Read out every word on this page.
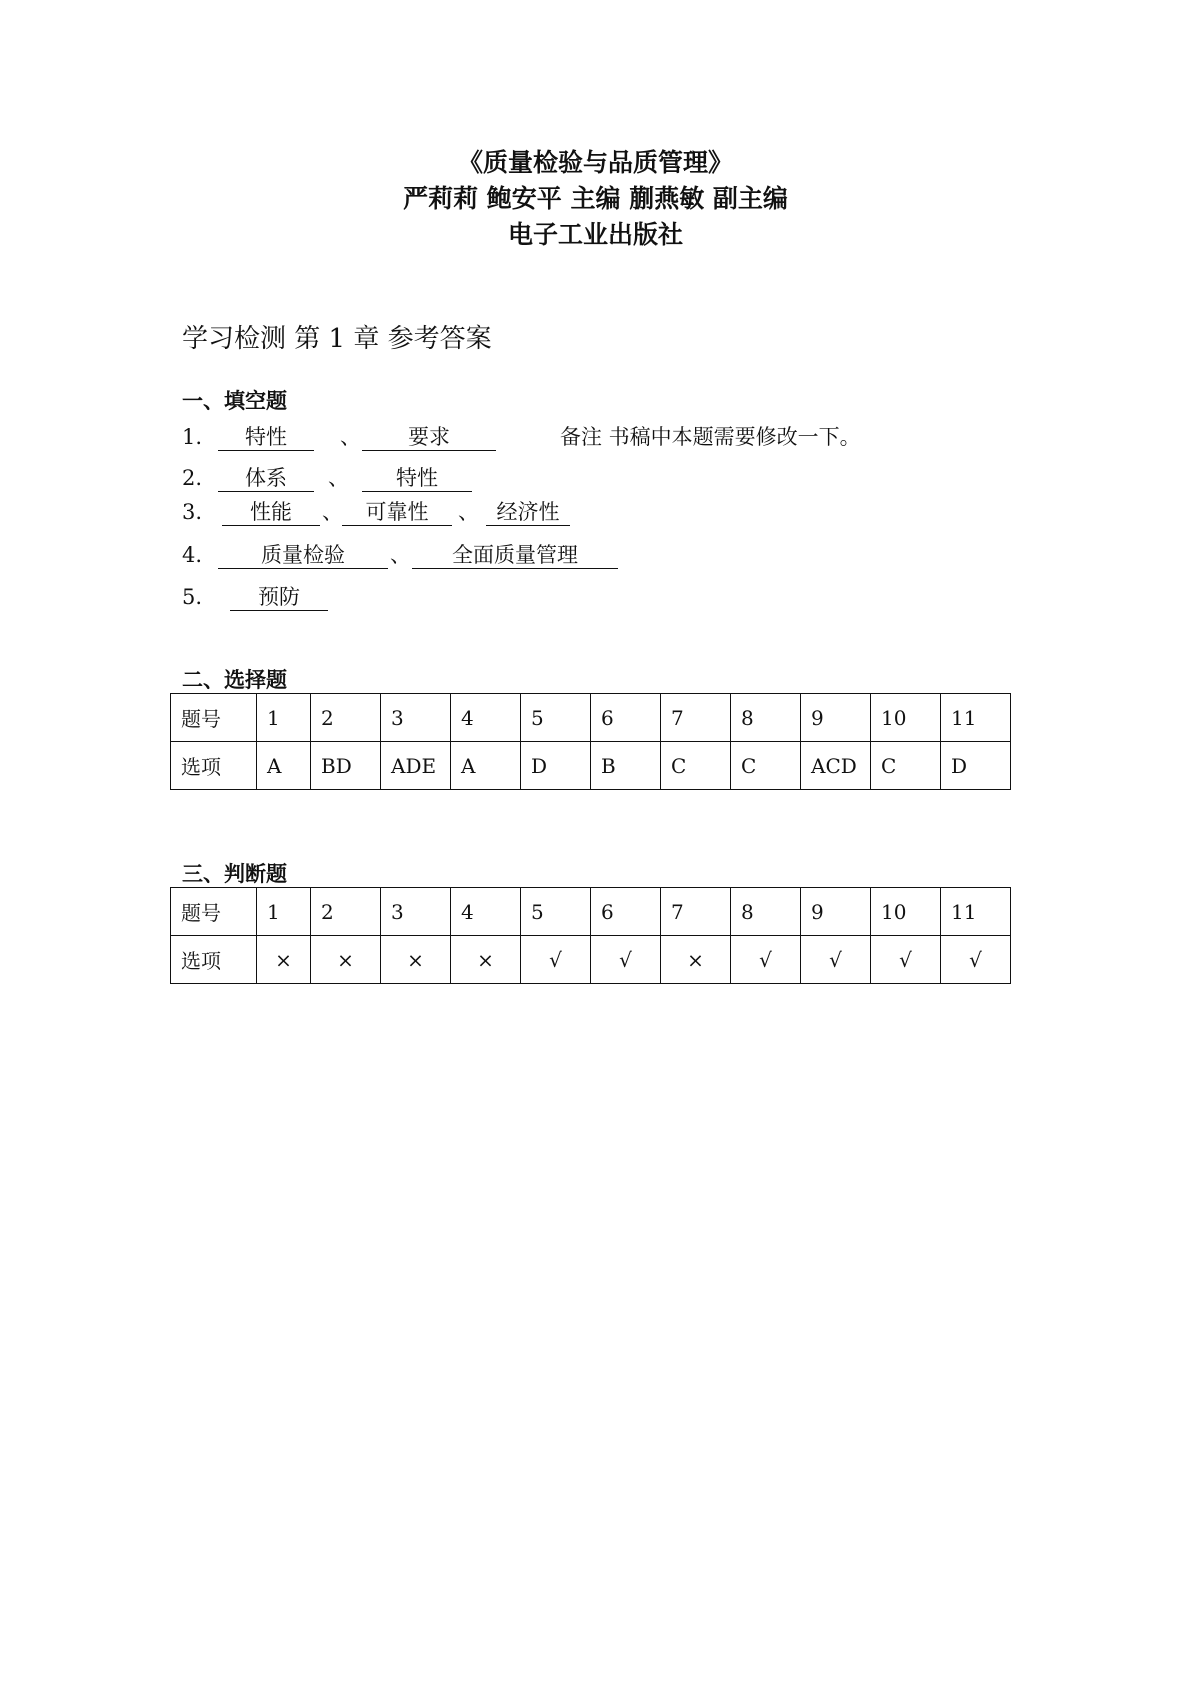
《质量检验与品质管理》
严莉莉 鲍安平 主编 蒯燕敏 副主编
电子工业出版社
学习检测 第 1 章 参考答案
一、填空题
1.	特性	、	要求	备注 书稿中本题需要修改一下。
2.	体系	、	特性
3.	性能	、	可靠性	、 经济性
4.	质量检验	、	全面质量管理
5.	预防
二、选择题
题号	1	2	3	4	5	6	7	8	9	10	11
选项	A	BD	ADE	A	D	B	C	C	ACD	C	D
三、判断题
题号	1	2	3	4	5	6	7	8	9	10	11
选项	×	×	×	×	√	√	×	√	√	√	√
